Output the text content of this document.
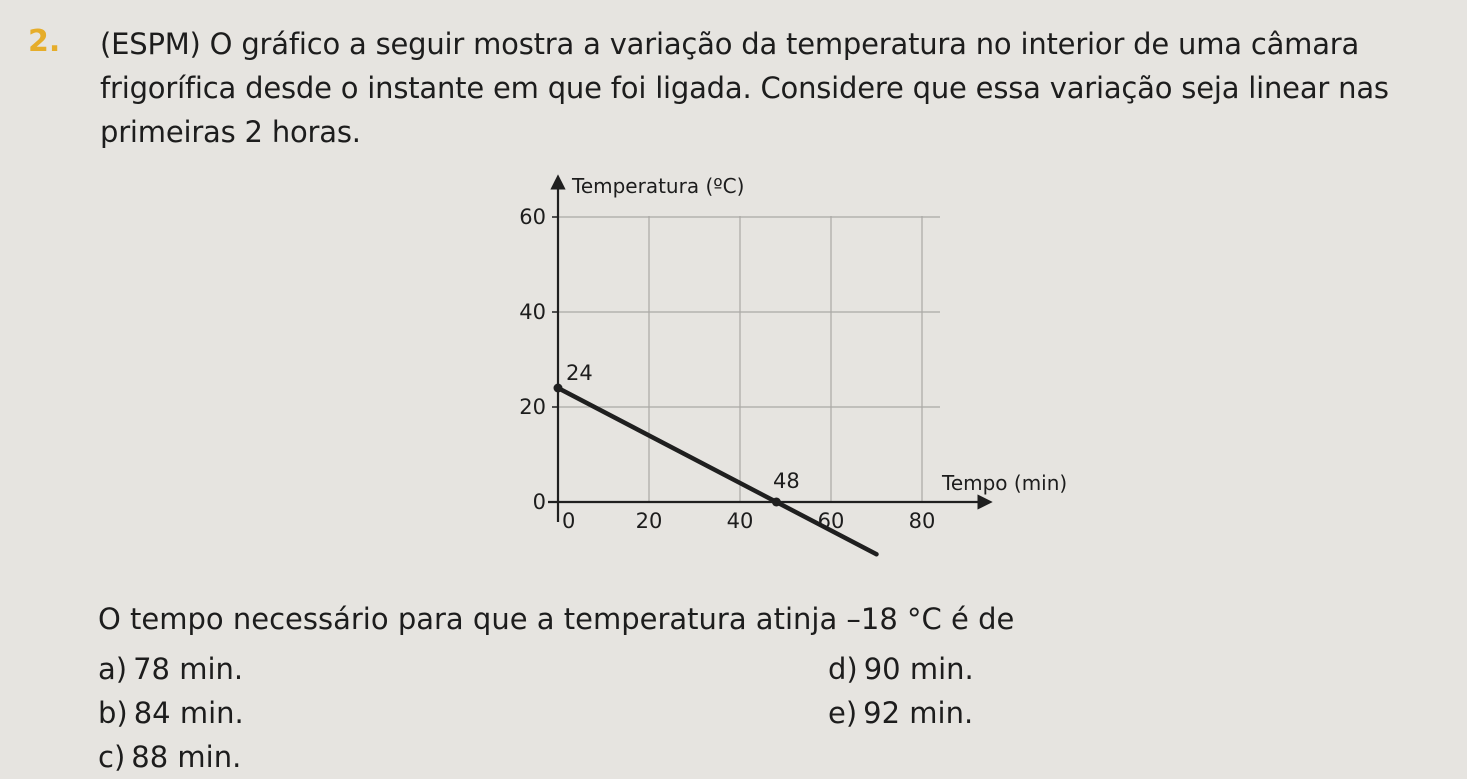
2. (ESPM) O gráfico a seguir mostra a variação da temperatura no interior de uma câmara

frigorífica desde o instante em que foi ligada. Considere que essa variação seja linear nas

primeiras 2 horas.

0
20
40
60
0	20	40	60	80
Temperatura (ºC)
Tempo (min)
24
48
O tempo necessário para que a temperatura atinja –18 °C é de
a) 78 min.
b) 84 min.
c) 88 min.
d) 90 min.
e) 92 min.
